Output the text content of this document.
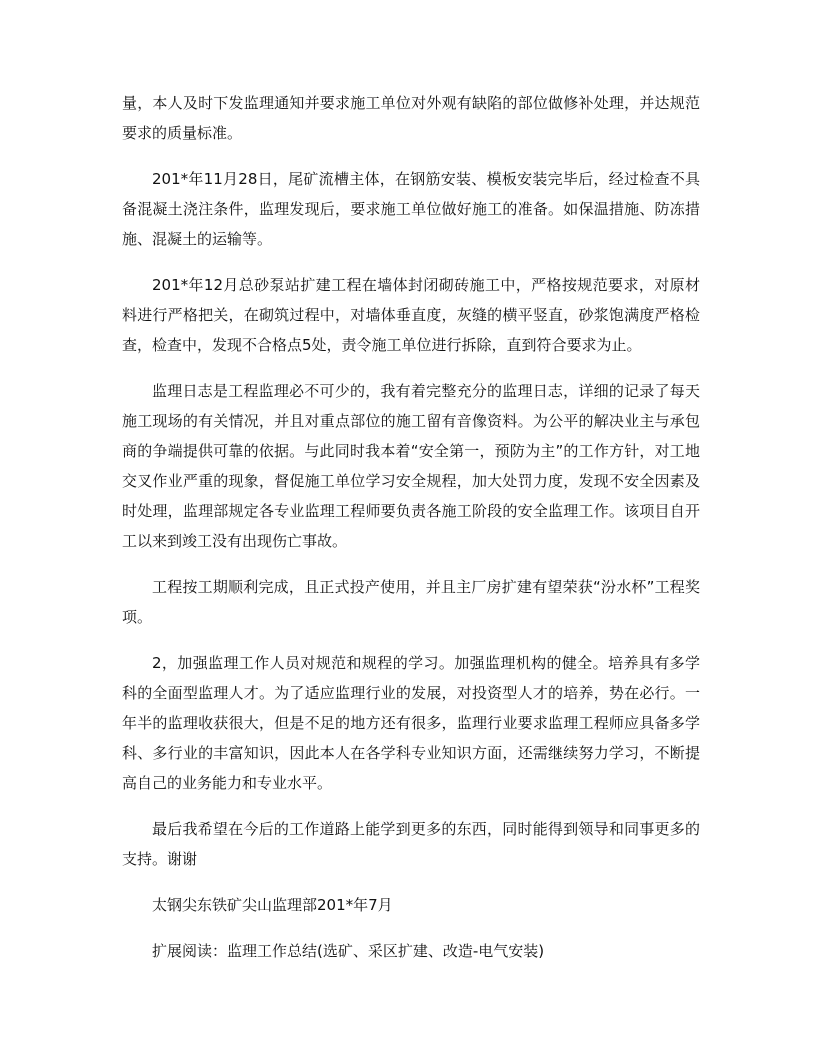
量，本人及时下发监理通知并要求施工单位对外观有缺陷的部位做修补处理，并达规范要求的质量标准。

201*年11月28日，尾矿流槽主体，在钢筋安装、模板安装完毕后，经过检查不具备混凝土浇注条件，监理发现后，要求施工单位做好施工的准备。如保温措施、防冻措施、混凝土的运输等。

201*年12月总砂泵站扩建工程在墙体封闭砌砖施工中，严格按规范要求，对原材料进行严格把关，在砌筑过程中，对墙体垂直度，灰缝的横平竖直，砂浆饱满度严格检查，检查中，发现不合格点5处，责令施工单位进行拆除，直到符合要求为止。

监理日志是工程监理必不可少的，我有着完整充分的监理日志，详细的记录了每天施工现场的有关情况，并且对重点部位的施工留有音像资料。为公平的解决业主与承包商的争端提供可靠的依据。与此同时我本着“安全第一，预防为主”的工作方针，对工地交叉作业严重的现象，督促施工单位学习安全规程，加大处罚力度，发现不安全因素及时处理，监理部规定各专业监理工程师要负责各施工阶段的安全监理工作。该项目自开工以来到竣工没有出现伤亡事故。

工程按工期顺利完成，且正式投产使用，并且主厂房扩建有望荣获“汾水杯”工程奖项。

2，加强监理工作人员对规范和规程的学习。加强监理机构的健全。培养具有多学科的全面型监理人才。为了适应监理行业的发展，对投资型人才的培养，势在必行。一年半的监理收获很大，但是不足的地方还有很多，监理行业要求监理工程师应具备多学科、多行业的丰富知识，因此本人在各学科专业知识方面，还需继续努力学习，不断提高自己的业务能力和专业水平。

最后我希望在今后的工作道路上能学到更多的东西，同时能得到领导和同事更多的支持。谢谢

太钢尖东铁矿尖山监理部201*年7月

扩展阅读：监理工作总结(选矿、采区扩建、改造-电气安装)
